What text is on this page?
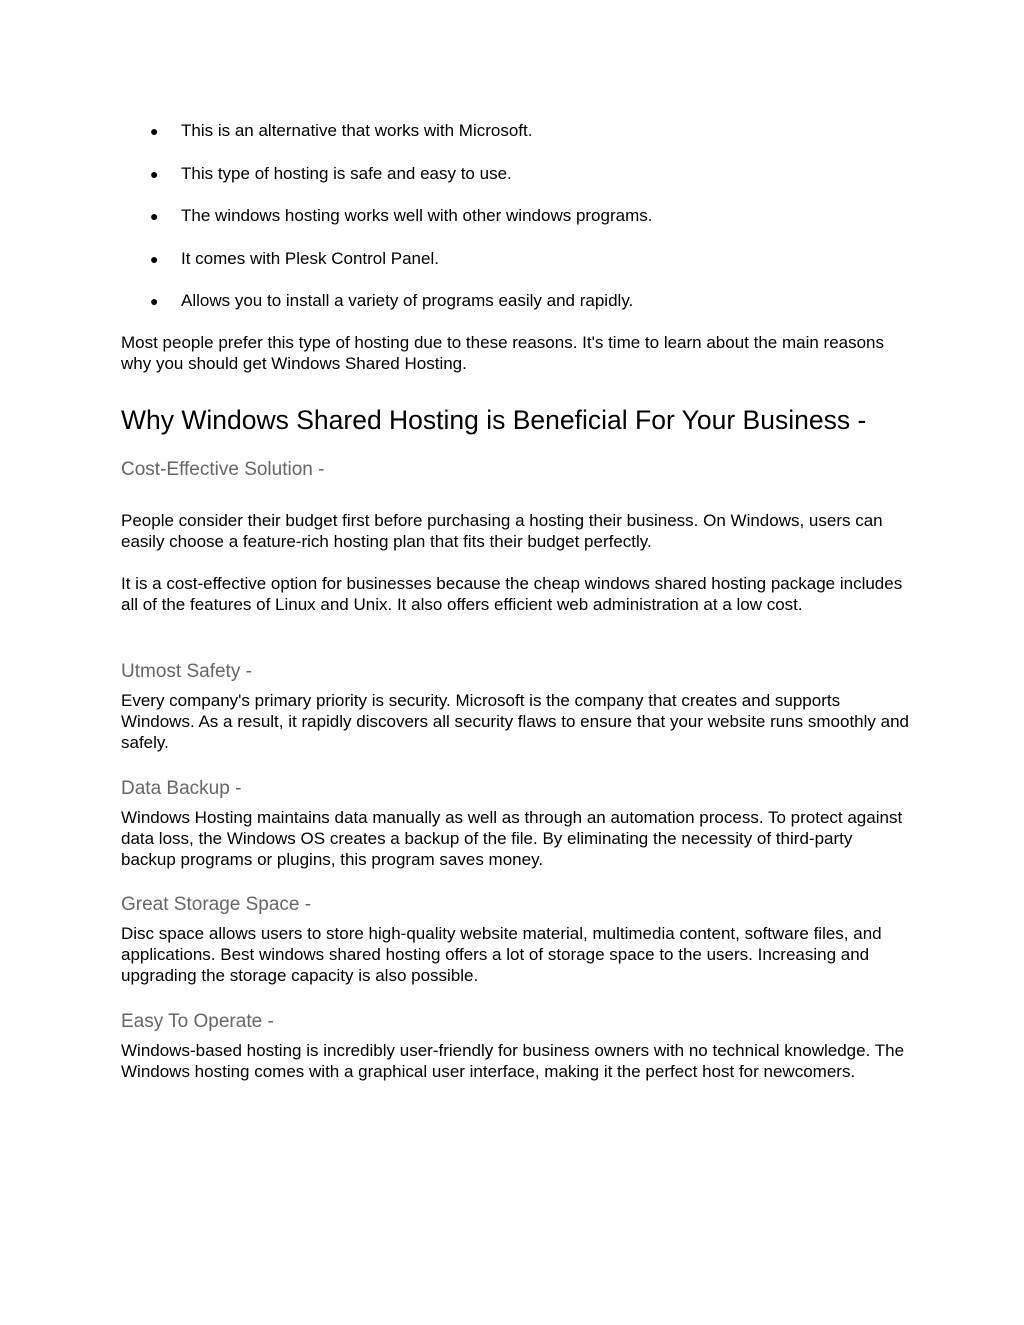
● This is an alternative that works with Microsoft.
● This type of hosting is safe and easy to use.
● The windows hosting works well with other windows programs.
● It comes with Plesk Control Panel.
● Allows you to install a variety of programs easily and rapidly.

Most people prefer this type of hosting due to these reasons. It's time to learn about the main reasons why you should get Windows Shared Hosting.

Why Windows Shared Hosting is Beneficial For Your Business -
Cost-Effective Solution -

People consider their budget first before purchasing a hosting their business. On Windows, users can easily choose a feature-rich hosting plan that fits their budget perfectly.

It is a cost-effective option for businesses because the cheap windows shared hosting package includes all of the features of Linux and Unix. It also offers efficient web administration at a low cost.

Utmost Safety -

Every company's primary priority is security. Microsoft is the company that creates and supports Windows. As a result, it rapidly discovers all security flaws to ensure that your website runs smoothly and safely.

Data Backup -

Windows Hosting maintains data manually as well as through an automation process. To protect against data loss, the Windows OS creates a backup of the file. By eliminating the necessity of third-party backup programs or plugins, this program saves money.

Great Storage Space -

Disc space allows users to store high-quality website material, multimedia content, software files, and applications. Best windows shared hosting offers a lot of storage space to the users. Increasing and upgrading the storage capacity is also possible.

Easy To Operate -

Windows-based hosting is incredibly user-friendly for business owners with no technical knowledge. The Windows hosting comes with a graphical user interface, making it the perfect host for newcomers.
